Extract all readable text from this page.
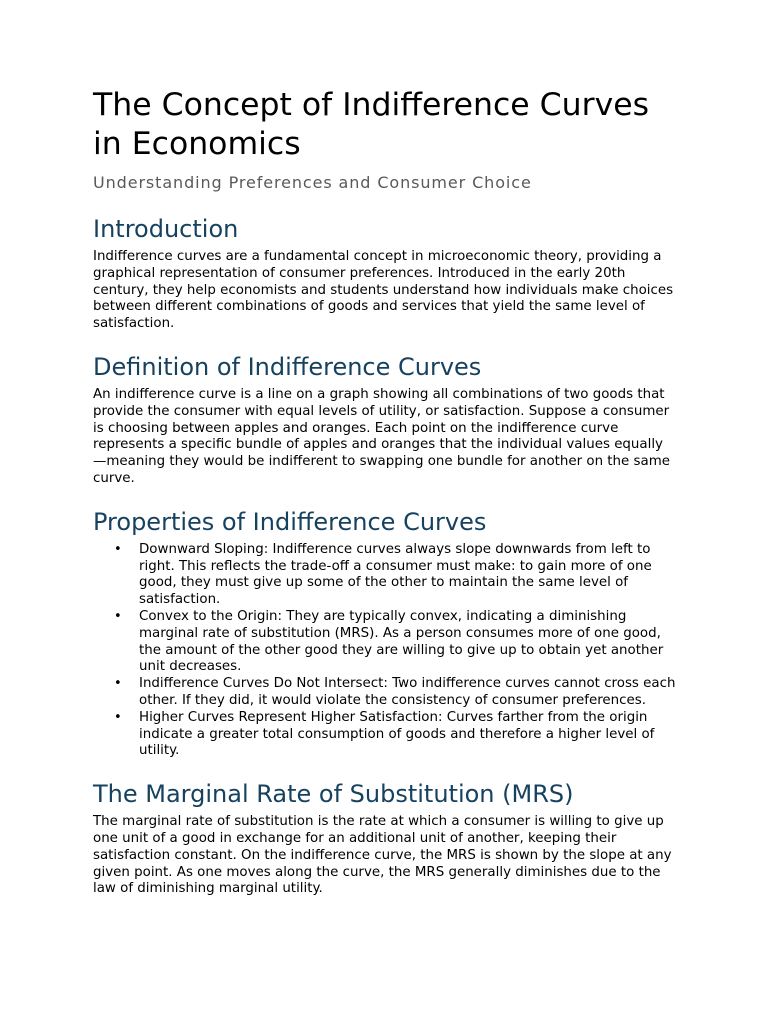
The Concept of Indifference Curves in Economics
Understanding Preferences and Consumer Choice
Introduction

Indifference curves are a fundamental concept in microeconomic theory, providing a graphical representation of consumer preferences. Introduced in the early 20th century, they help economists and students understand how individuals make choices between different combinations of goods and services that yield the same level of satisfaction.

Definition of Indifference Curves

An indifference curve is a line on a graph showing all combinations of two goods that provide the consumer with equal levels of utility, or satisfaction. Suppose a consumer is choosing between apples and oranges. Each point on the indifference curve represents a specific bundle of apples and oranges that the individual values equally—meaning they would be indifferent to swapping one bundle for another on the same curve.

Properties of Indifference Curves
• Downward Sloping: Indifference curves always slope downwards from left to right. This reflects the trade-off a consumer must make: to gain more of one good, they must give up some of the other to maintain the same level of satisfaction.
• Convex to the Origin: They are typically convex, indicating a diminishing marginal rate of substitution (MRS). As a person consumes more of one good, the amount of the other good they are willing to give up to obtain yet another unit decreases.
• Indifference Curves Do Not Intersect: Two indifference curves cannot cross each other. If they did, it would violate the consistency of consumer preferences.
• Higher Curves Represent Higher Satisfaction: Curves farther from the origin indicate a greater total consumption of goods and therefore a higher level of utility.
The Marginal Rate of Substitution (MRS)

The marginal rate of substitution is the rate at which a consumer is willing to give up one unit of a good in exchange for an additional unit of another, keeping their satisfaction constant. On the indifference curve, the MRS is shown by the slope at any given point. As one moves along the curve, the MRS generally diminishes due to the law of diminishing marginal utility.
